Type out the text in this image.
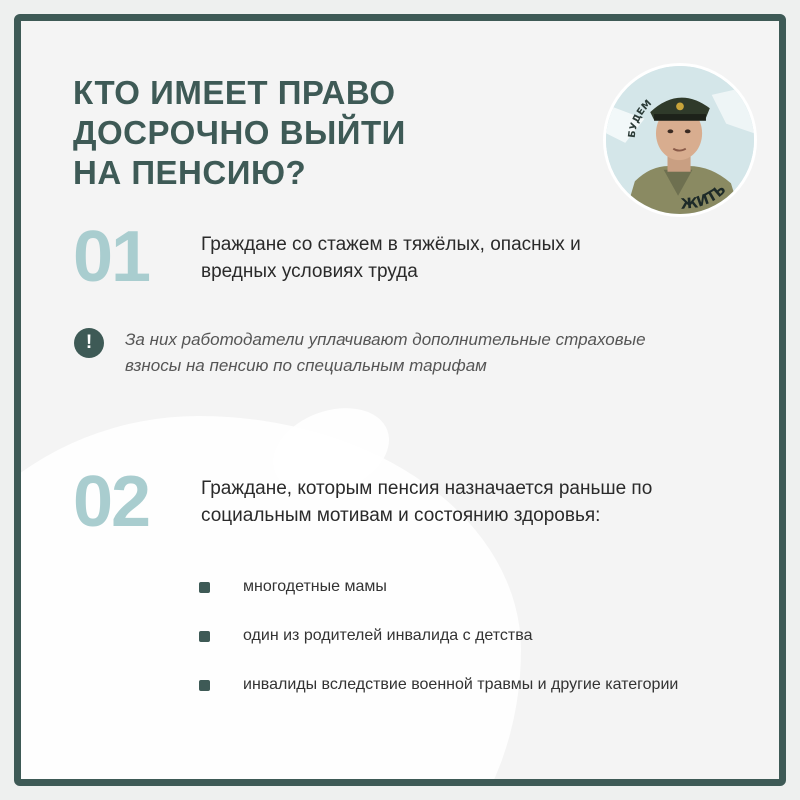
КТО ИМЕЕТ ПРАВО
ДОСРОЧНО ВЫЙТИ
НА ПЕНСИЮ?
БУДЕМ
ЖИТЬ
01	Граждане со стажем в тяжёлых, опасных и вредных условиях труда
!	За них работодатели уплачивают дополнительные страховые взносы на пенсию по специальным тарифам
02	Граждане, которым пенсия назначается раньше по социальным мотивам и состоянию здоровья:
многодетные мамы
один из родителей инвалида с детства
инвалиды вследствие военной травмы и другие категории
